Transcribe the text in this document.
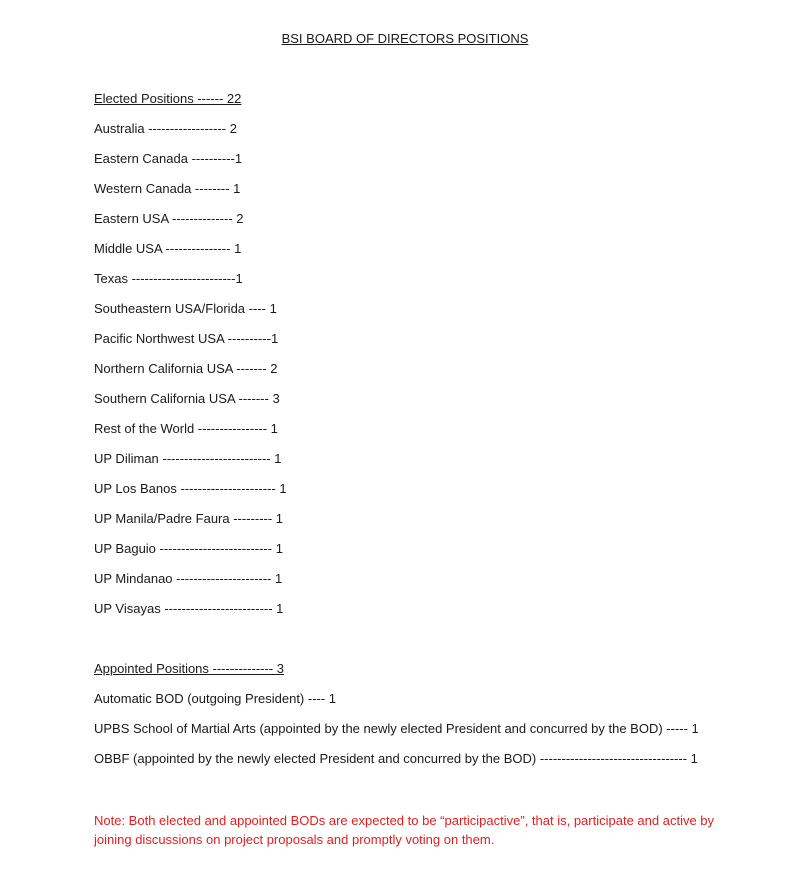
BSI BOARD OF DIRECTORS POSITIONS
Elected Positions ------ 22
Australia ------------------ 2
Eastern Canada ----------1
Western Canada -------- 1
Eastern USA -------------- 2
Middle USA --------------- 1
Texas ------------------------1
Southeastern USA/Florida ---- 1
Pacific Northwest USA ----------1
Northern California USA ------- 2
Southern California USA ------- 3
Rest of the World ---------------- 1
UP Diliman ------------------------- 1
UP Los Banos ---------------------- 1
UP Manila/Padre Faura --------- 1
UP Baguio -------------------------- 1
UP Mindanao ---------------------- 1
UP Visayas ------------------------- 1
Appointed Positions -------------- 3
Automatic BOD (outgoing President) ---- 1
UPBS School of Martial Arts (appointed by the newly elected President and concurred by the BOD) ----- 1
OBBF (appointed by the newly elected President and concurred by the BOD) ---------------------------------- 1
Note: Both elected and appointed BODs are expected to be “participactive”, that is, participate and active by joining discussions on project proposals and promptly voting on them.
